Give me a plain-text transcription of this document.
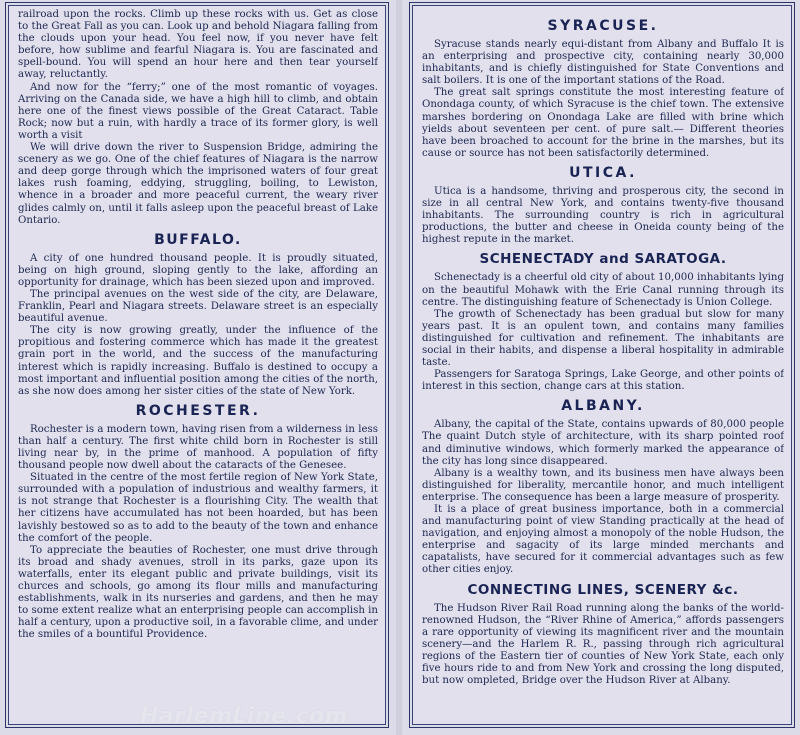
railroad upon the rocks. Climb up these rocks with us. Get as close to the Great Fall as you can. Look up and behold Niagara falling from the clouds upon your head. You feel now, if you never have felt before, how sublime and fearful Niagara is. You are fascinated and spell-bound. You will spend an hour here and then tear yourself away, reluctantly.

And now for the “ferry;” one of the most romantic of voyages. Arriving on the Canada side, we have a high hill to climb, and obtain here one of the finest views possible of the Great Cataract. Table Rock; now but a ruin, with hardly a trace of its former glory, is well worth a visit

We will drive down the river to Suspension Bridge, admiring the scenery as we go. One of the chief features of Niagara is the narrow and deep gorge through which the imprisoned waters of four great lakes rush foaming, eddying, struggling, boiling, to Lewiston, whence in a broader and more peaceful current, the weary river glides calmly on, until it falls asleep upon the peaceful breast of Lake Ontario.

BUFFALO.

A city of one hundred thousand people. It is proudly situated, being on high ground, sloping gently to the lake, affording an opportunity for drainage, which has been siezed upon and improved.

The principal avenues on the west side of the city, are Delaware, Franklin, Pearl and Niagara streets. Delaware street is an especially beautiful avenue.

The city is now growing greatly, under the influence of the propitious and fostering commerce which has made it the greatest grain port in the world, and the success of the manufacturing interest which is rapidly increasing. Buffalo is destined to occupy a most important and influential position among the cities of the north, as she now does among her sister cities of the state of New York.

ROCHESTER.

Rochester is a modern town, having risen from a wilderness in less than half a century. The first white child born in Rochester is still living near by, in the prime of manhood. A population of fifty thousand people now dwell about the cataracts of the Genesee.

Situated in the centre of the most fertile region of New York State, surrounded with a population of industrious and wealthy farmers, it is not strange that Rochester is a flourishing City. The wealth that her citizens have accumulated has not been hoarded, but has been lavishly bestowed so as to add to the beauty of the town and enhance the comfort of the people.

To appreciate the beauties of Rochester, one must drive through its broad and shady avenues, stroll in its parks, gaze upon its waterfalls, enter its elegant public and private buildings, visit its churces and schools, go among its flour mills and manufacturing establishments, walk in its nurseries and gardens, and then he may to some extent realize what an enterprising people can accomplish in half a century, upon a productive soil, in a favorable clime, and under the smiles of a bountiful Providence.

SYRACUSE.

Syracuse stands nearly equi-distant from Albany and Buffalo It is an enterprising and prospective city, containing nearly 30,000 inhabitants, and is chiefly distinguished for State Conventions and salt boilers. It is one of the important stations of the Road.

The great salt springs constitute the most interesting feature of Onondaga county, of which Syracuse is the chief town. The extensive marshes bordering on Onondaga Lake are filled with brine which yields about seventeen per cent. of pure salt.— Different theories have been broached to account for the brine in the marshes, but its cause or source has not been satisfactorily determined.

UTICA.

Utica is a handsome, thriving and prosperous city, the second in size in all central New York, and contains twenty-five thousand inhabitants. The surrounding country is rich in agricultural productions, the butter and cheese in Oneida county being of the highest repute in the market.

SCHENECTADY and SARATOGA.

Schenectady is a cheerful old city of about 10,000 inhabitants lying on the beautiful Mohawk with the Erie Canal running through its centre. The distinguishing feature of Schenectady is Union College.

The growth of Schenectady has been gradual but slow for many years past. It is an opulent town, and contains many families distinguished for cultivation and refinement. The inhabitants are social in their habits, and dispense a liberal hospitality in admirable taste.

Passengers for Saratoga Springs, Lake George, and other points of interest in this section, change cars at this station.

ALBANY.

Albany, the capital of the State, contains upwards of 80,000 people The quaint Dutch style of architecture, with its sharp pointed roof and diminutive windows, which formerly marked the appearance of the city has long since disappeared.

Albany is a wealthy town, and its business men have always been distinguished for liberality, mercantile honor, and much intelligent enterprise. The consequence has been a large measure of prosperity.

It is a place of great business importance, both in a commercial and manufacturing point of view Standing practically at the head of navigation, and enjoying almost a monopoly of the noble Hudson, the enterprise and sagacity of its large minded merchants and capatalists, have secured for it commercial advantages such as few other cities enjoy.

CONNECTING LINES, SCENERY &c.

The Hudson River Rail Road running along the banks of the world-renowned Hudson, the “River Rhine of America,” affords passengers a rare opportunity of viewing its magnificent river and the mountain scenery—and the Harlem R. R., passing through rich agricultural regions of the Eastern tier of counties of New York State, each only five hours ride to and from New York and crossing the long disputed, but now ompleted, Bridge over the Hudson River at Albany.

HarlemLine.com
